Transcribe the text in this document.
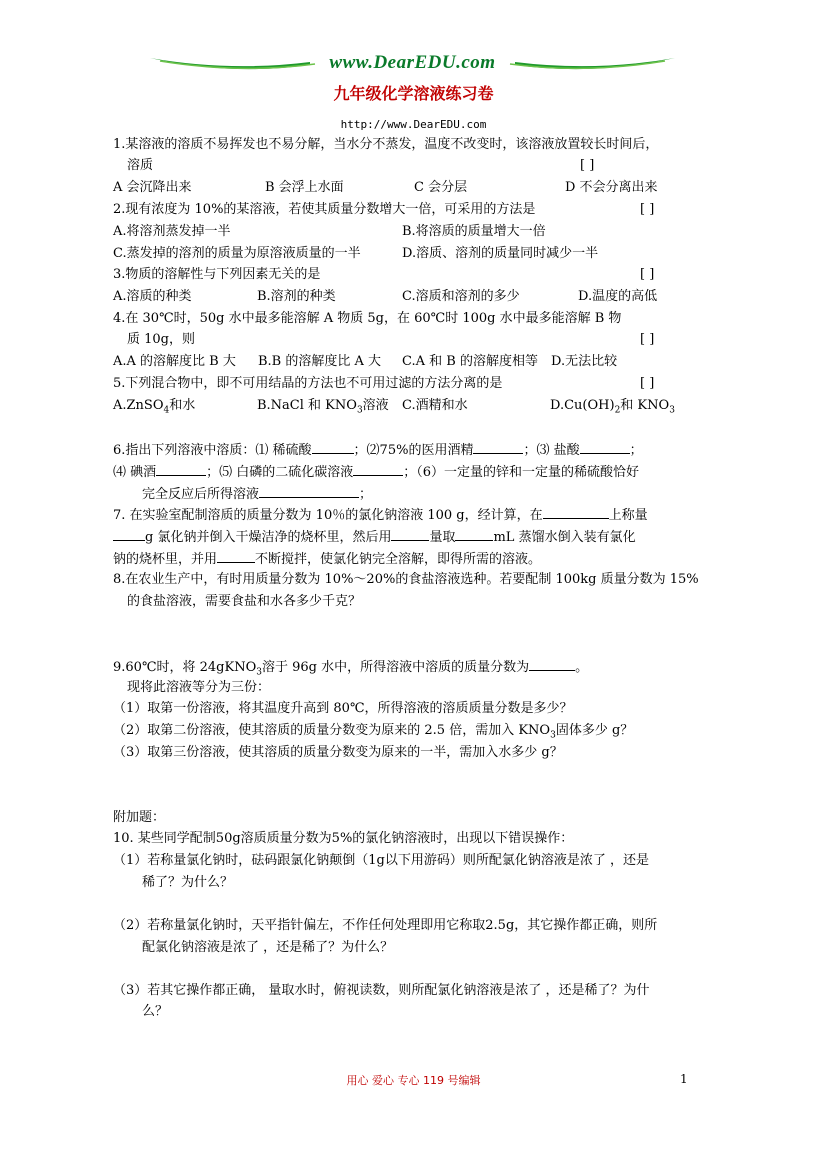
www.DearEDU.com
九年级化学溶液练习卷
http://www.DearEDU.com
1.某溶液的溶质不易挥发也不易分解，当水分不蒸发，温度不改变时，该溶液放置较长时间后，
溶质	[ ]
A 会沉降出来	B 会浮上水面	C 会分层	D 不会分离出来
2.现有浓度为 10%的某溶液，若使其质量分数增大一倍，可采用的方法是	[ ]
A.将溶剂蒸发掉一半	B.将溶质的质量增大一倍
C.蒸发掉的溶剂的质量为原溶液质量的一半	D.溶质、溶剂的质量同时减少一半
3.物质的溶解性与下列因素无关的是	[ ]
A.溶质的种类	B.溶剂的种类	C.溶质和溶剂的多少	D.温度的高低
4.在 30℃时，50g 水中最多能溶解 A 物质 5g，在 60℃时 100g 水中最多能溶解 B 物
质 10g，则	[ ]
A.A 的溶解度比 B 大 B.B 的溶解度比 A 大 C.A 和 B 的溶解度相等 D.无法比较
5.下列混合物中，即不可用结晶的方法也不可用过滤的方法分离的是	[ ]
A.ZnSO$_4$和水	B.NaCl 和 $KNO_3$溶液 C.酒精和水	$D.Cu(OH)_2$和 $KNO_3$
6.指出下列溶液中溶质：⑴ 稀硫酸	；⑵75%的医用酒精	；⑶ 盐酸	；
⑷ 碘酒	；⑸ 白磷的二硫化碳溶液	；（6）一定量的锌和一定量的稀硫酸恰好
完全反应后所得溶液	；
7. 在实验室配制溶质的质量分数为 10％的氯化钠溶液 100 g，经计算，在	上称量
g 氯化钠并倒入干燥洁净的烧杯里，然后用	量取	mL 蒸馏水倒入装有氯化
钠的烧杯里，并用	不断搅拌，使氯化钠完全溶解，即得所需的溶液。
8.在农业生产中，有时用质量分数为 10%～20%的食盐溶液选种。若要配制 100kg 质量分数为 15%
的食盐溶液，需要食盐和水各多少千克？
9.60℃时，将 24gKNO$_3$溶于 96g 水中，所得溶液中溶质的质量分数为	。
现将此溶液等分为三份：
（1）取第一份溶液，将其温度升高到 80℃，所得溶液的溶质质量分数是多少？
（2）取第二份溶液，使其溶质的质量分数变为原来的 2.5 倍，需加入 $KNO_3$固体多少 g？
（3）取第三份溶液，使其溶质的质量分数变为原来的一半，需加入水多少 g？
附加题：
10. 某些同学配制50g溶质质量分数为5%的氯化钠溶液时，出现以下错误操作：
（1）若称量氯化钠时，砝码跟氯化钠颠倒（1g以下用游码）则所配氯化钠溶液是浓了 ，还是
稀了？为什么？
（2）若称量氯化钠时，天平指针偏左，不作任何处理即用它称取2.5g，其它操作都正确，则所
配氯化钠溶液是浓了 ，还是稀了？为什么？
（3）若其它操作都正确， 量取水时，俯视读数，则所配氯化钠溶液是浓了 ，还是稀了？为什
么？
用心 爱心 专心 119 号编辑	1
